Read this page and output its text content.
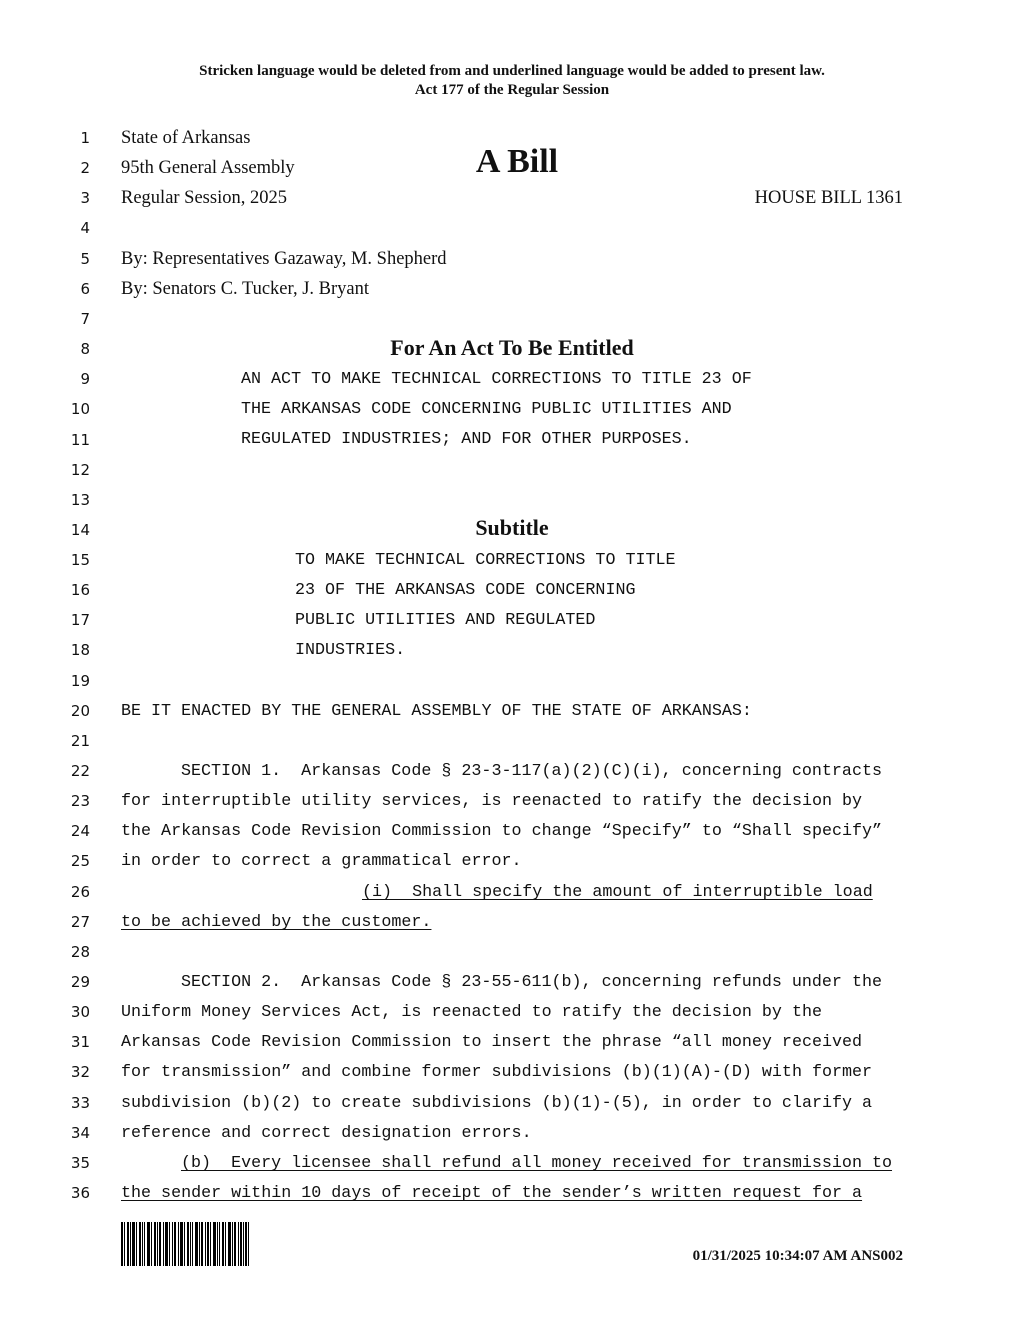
Stricken language would be deleted from and underlined language would be added to present law.
Act 177 of the Regular Session
1
2
3
4
5
6
7
8
9
10
11
12
13
14
15
16
17
18
19
20
21
22
23
24
25
26
27
28
29
30
31
32
33
34
35
36
State of Arkansas
95th General Assembly
Regular Session, 2025
A Bill
HOUSE BILL 1361
By: Representatives Gazaway, M. Shepherd
By: Senators C. Tucker, J. Bryant
For An Act To Be Entitled
AN ACT TO MAKE TECHNICAL CORRECTIONS TO TITLE 23 OF
THE ARKANSAS CODE CONCERNING PUBLIC UTILITIES AND
REGULATED INDUSTRIES; AND FOR OTHER PURPOSES.
Subtitle
TO MAKE TECHNICAL CORRECTIONS TO TITLE
23 OF THE ARKANSAS CODE CONCERNING
PUBLIC UTILITIES AND REGULATED
INDUSTRIES.
BE IT ENACTED BY THE GENERAL ASSEMBLY OF THE STATE OF ARKANSAS:
SECTION 1.  Arkansas Code § 23-3-117(a)(2)(C)(i), concerning contracts
for interruptible utility services, is reenacted to ratify the decision by
the Arkansas Code Revision Commission to change “Specify” to “Shall specify”
in order to correct a grammatical error.
(i)  Shall specify the amount of interruptible load
to be achieved by the customer.
SECTION 2.  Arkansas Code § 23-55-611(b), concerning refunds under the
Uniform Money Services Act, is reenacted to ratify the decision by the
Arkansas Code Revision Commission to insert the phrase “all money received
for transmission” and combine former subdivisions (b)(1)(A)-(D) with former
subdivision (b)(2) to create subdivisions (b)(1)-(5), in order to clarify a
reference and correct designation errors.
(b)  Every licensee shall refund all money received for transmission to
the sender within 10 days of receipt of the sender’s written request for a
01/31/2025 10:34:07 AM ANS002
